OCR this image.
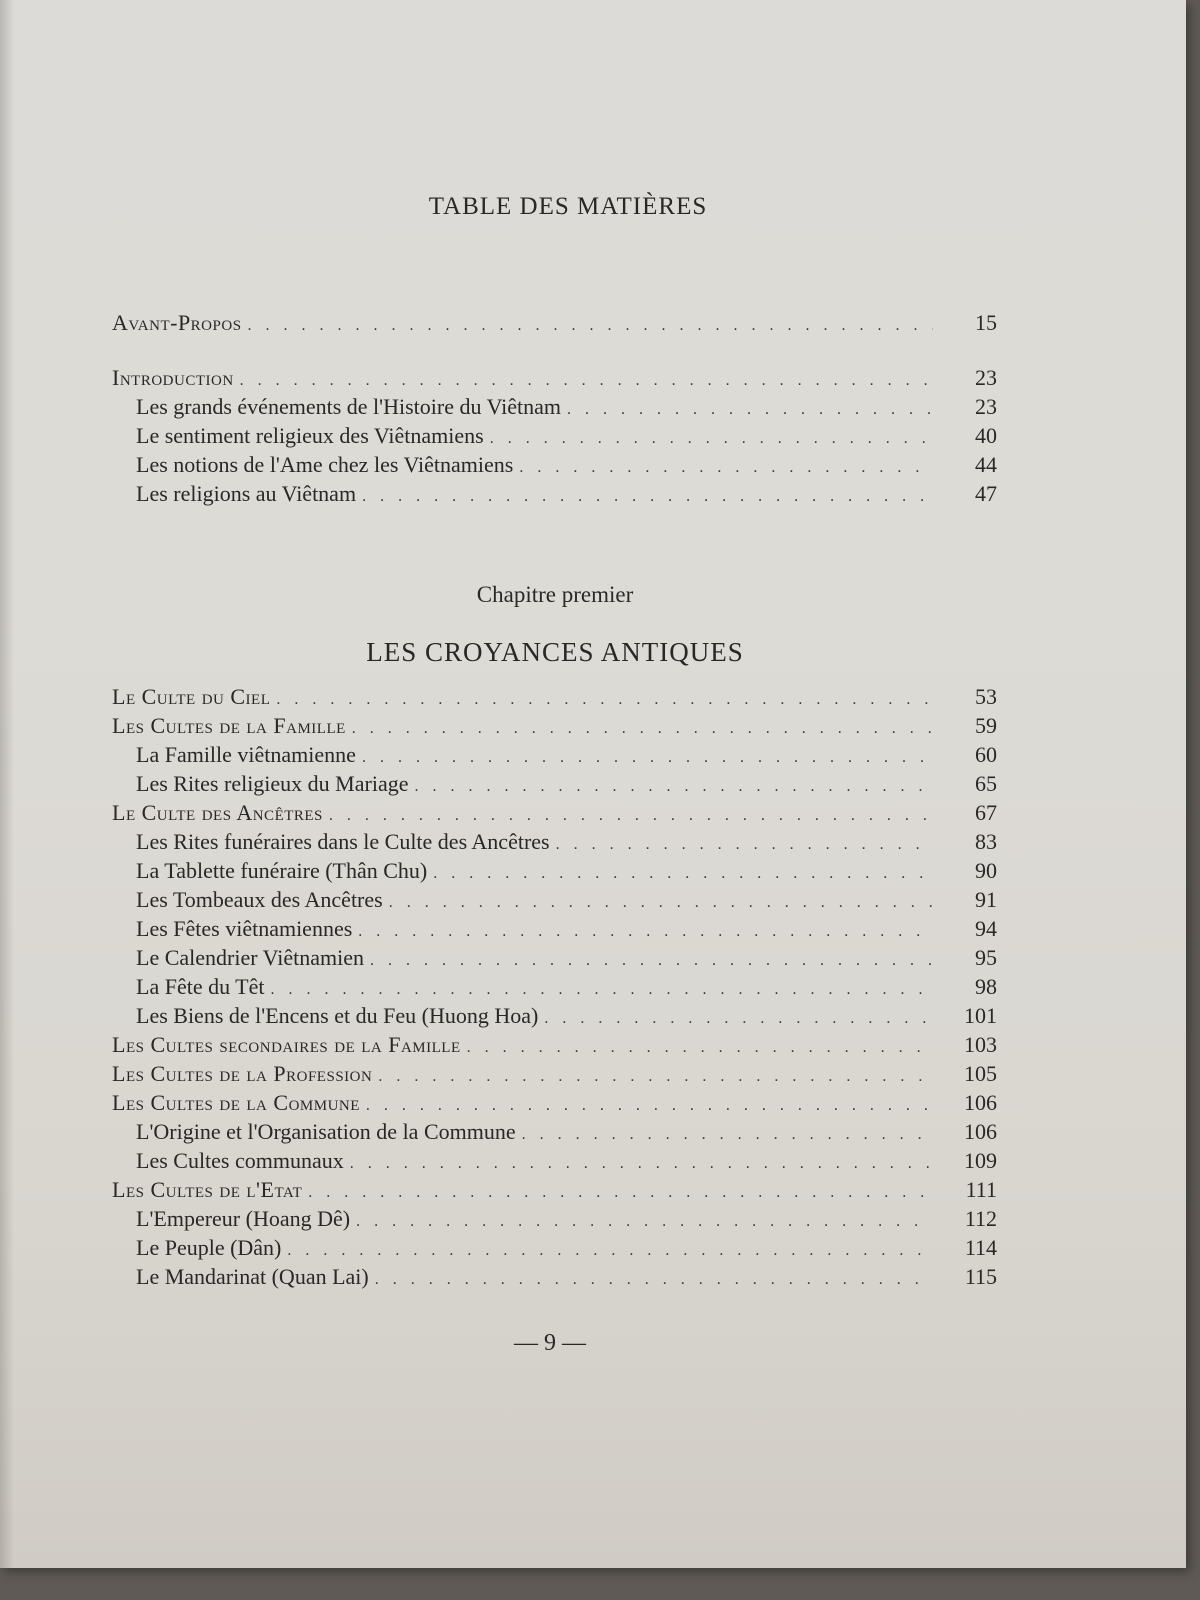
TABLE DES MATIÈRES
Avant-Propos . . .	15
Introduction . . .	23
Les grands événements de l'Histoire du Viêtnam . . .	23
Le sentiment religieux des Viêtnamiens . . .	40
Les notions de l'Ame chez les Viêtnamiens . . .	44
Les religions au Viêtnam . . .	47
Chapitre premier
LES CROYANCES ANTIQUES
Le Culte du Ciel . . .	53
Les Cultes de la Famille . . .	59
La Famille viêtnamienne . . .	60
Les Rites religieux du Mariage . . .	65
Le Culte des Ancêtres . . .	67
Les Rites funéraires dans le Culte des Ancêtres . . .	83
La Tablette funéraire (Thân Chu) . . .	90
Les Tombeaux des Ancêtres . . .	91
Les Fêtes viêtnamiennes . . .	94
Le Calendrier Viêtnamien . . .	95
La Fête du Têt . . .	98
Les Biens de l'Encens et du Feu (Huong Hoa) . . .	101
Les Cultes secondaires de la Famille . . .	103
Les Cultes de la Profession . . .	105
Les Cultes de la Commune . . .	106
L'Origine et l'Organisation de la Commune . . .	106
Les Cultes communaux . . .	109
Les Cultes de l'Etat . . .	111
L'Empereur (Hoang Dê) . . .	112
Le Peuple (Dân) . . .	114
Le Mandarinat (Quan Lai) . . .	115
— 9 —
